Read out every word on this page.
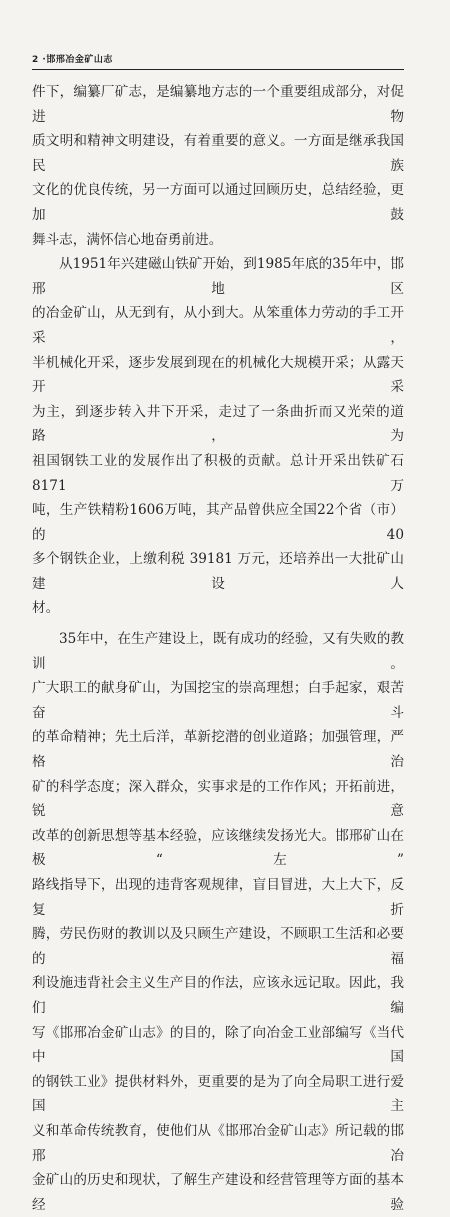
2 ·邯邢冶金矿山志

件下，编纂厂矿志，是编纂地方志的一个重要组成部分，对促进物

质文明和精神文明建设，有着重要的意义。一方面是继承我国民族

文化的优良传统，另一方面可以通过回顾历史，总结经验，更加鼓

舞斗志，满怀信心地奋勇前进。

从1951年兴建磁山铁矿开始，到1985年底的35年中，邯邢地区

的冶金矿山，从无到有，从小到大。从笨重体力劳动的手工开采，

半机械化开采，逐步发展到现在的机械化大规模开采；从露天开采

为主，到逐步转入井下开采，走过了一条曲折而又光荣的道路，为

祖国钢铁工业的发展作出了积极的贡献。总计开采出铁矿石8171万

吨，生产铁精粉1606万吨，其产品曾供应全国22个省（市）的40

多个钢铁企业，上缴利税 39181 万元，还培养出一大批矿山建设人

材。

35年中，在生产建设上，既有成功的经验，又有失败的教训。

广大职工的献身矿山，为国挖宝的崇高理想；白手起家，艰苦奋斗

的革命精神；先土后洋，革新挖潜的创业道路；加强管理，严格治

矿的科学态度；深入群众，实事求是的工作作风；开拓前进，锐意

改革的创新思想等基本经验，应该继续发扬光大。邯邢矿山在极“左”

路线指导下，出现的违背客观规律，盲目冒进，大上大下，反复折

腾，劳民伤财的教训以及只顾生产建设，不顾职工生活和必要的福

利设施违背社会主义生产目的作法，应该永远记取。因此，我们编

写《邯邢冶金矿山志》的目的，除了向冶金工业部编写《当代中国

的钢铁工业》提供材料外，更重要的是为了向全局职工进行爱国主

义和革命传统教育，使他们从《邯邢冶金矿山志》所记载的邯邢冶

金矿山的历史和现状，了解生产建设和经营管理等方面的基本经验
